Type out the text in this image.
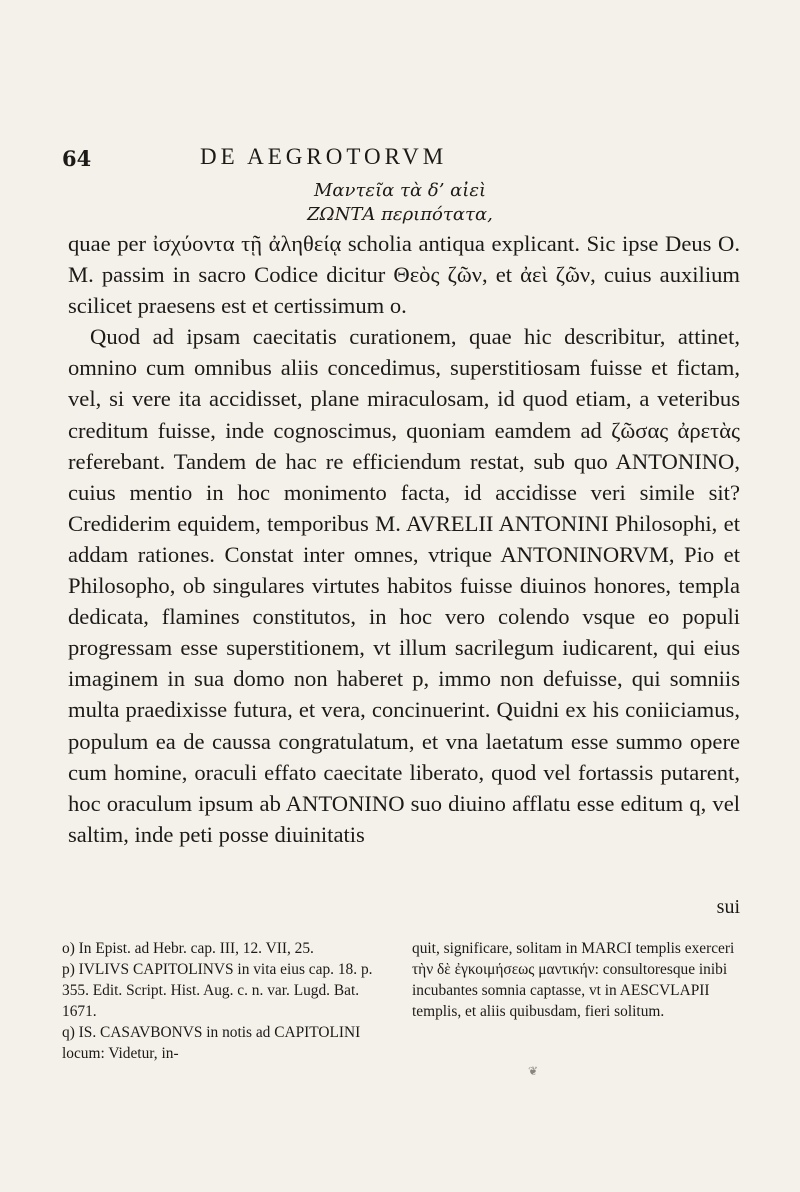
64	DE AEGROTORVM
Μαντεῖα τὰ δ’ αἰεὶ
ΖΩΝΤΑ περιπότατα,

quae per ἰσχύοντα τῇ ἀληθείᾳ scholia antiqua explicant. Sic ipse Deus O. M. passim in sacro Codice dicitur Θεὸς ζῶν, et ἀεὶ ζῶν, cuius auxilium scilicet praesens est et certissimum o.

Quod ad ipsam caecitatis curationem, quae hic describitur, attinet, omnino cum omnibus aliis concedimus, superstitiosam fuisse et fictam, vel, si vere ita accidisset, plane miraculosam, id quod etiam, a veteribus creditum fuisse, inde cognoscimus, quoniam eamdem ad ζῶσας ἀρετὰς referebant. Tandem de hac re efficiendum restat, sub quo ANTONINO, cuius mentio in hoc monimento facta, id accidisse veri simile sit? Crediderim equidem, temporibus M. AVRELII ANTONINI Philosophi, et addam rationes. Constat inter omnes, vtrique ANTONINORVM, Pio et Philosopho, ob singulares virtutes habitos fuisse diuinos honores, templa dedicata, flamines constitutos, in hoc vero colendo vsque eo populi progressam esse superstitionem, vt illum sacrilegum iudicarent, qui eius imaginem in sua domo non haberet p, immo non defuisse, qui somniis multa praedixisse futura, et vera, concinuerint. Quidni ex his coniiciamus, populum ea de caussa congratulatum, et vna laetatum esse summo opere cum homine, oraculi effato caecitate liberato, quod vel fortassis putarent, hoc oraculum ipsum ab ANTONINO suo diuino afflatu esse editum q, vel saltim, inde peti posse diuinitatis

sui

o) In Epist. ad Hebr. cap. III, 12. VII, 25.

p) IVLIVS CAPITOLINVS in vita eius cap. 18. p. 355. Edit. Script. Hist. Aug. c. n. var. Lugd. Bat. 1671.

q) IS. CASAVBONVS in notis ad CAPITOLINI locum: Videtur, in-

quit, significare, solitam in MARCI templis exerceri τὴν δὲ ἐγκοιμήσεως μαντικήν: consultoresque inibi incubantes somnia captasse, vt in AESCVLAPII templis, et aliis quibusdam, fieri solitum.

❦
